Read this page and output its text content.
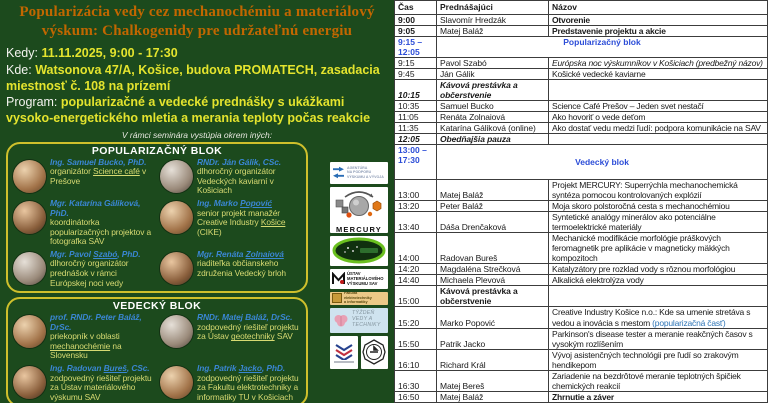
Popularizácia vedy cez mechanochémiu a materiálový výskum: Chalkogenidy pre udržateľnú energiu
Kedy: 11.11.2025, 9:00 - 17:30
Kde: Watsonova 47/A, Košice, budova PROMATECH, zasadacia miestnosť č. 108 na prízemí
Program: popularizačné a vedecké prednášky s ukážkami vysoko-energetického mletia a merania teploty počas reakcie
V rámci seminára vystúpia okrem iných:
POPULARIZAČNÝ BLOK
Ing. Samuel Bucko, PhD.
organizátor Science café v Prešove
RNDr. Ján Gálik, CSc.
dlhoročný organizátor Vedeckých kaviarní v Košiciach
Mgr. Katarína Gáliková, PhD.
koordinátorka popularizačných projektov a fotografka SAV
Ing. Marko Popović
senior projekt manažér Creative Industry Košice (CIKE)
Mgr. Pavol Szabó, PhD.
dlhoročný organizátor prednášok v rámci Európskej noci vedy
Mgr. Renáta Zolnaiová
riaditeľka občianskeho združenia Vedecký brloh
VEDECKÝ BLOK
prof. RNDr. Peter Baláž, DrSc.
priekopník v oblasti mechanochémie na Slovensku
RNDr. Matej Baláž, DrSc.
zodpovedný riešiteľ projektu za Ústav geotechniky SAV
Ing. Radovan Bureš, CSc.
zodpovedný riešiteľ projektu za Ústav materiálového výskumu SAV
Ing. Patrik Jacko, PhD.
zodpovedný riešiteľ projektu za Fakultu elektrotechniky a informatiky TU v Košiciach
AGENTÚRA
NA PODPORU
VÝSKUMU A VÝVOJA
MERCURY
ÚSTAV
MATERIÁLOVÉHO
VÝSKUMU SAV
Fakulta elektrotechniky
a informatiky
TÝŽDEŇ
VEDY A
TECHNIKY
Čas	Prednášajúci	Názov
9:00	Slavomír Hredzák	Otvorenie
9:05	Matej Baláž	Predstavenie projektu a akcie
9:15 – 12:05	Popularizačný blok	
9:15	Pavol Szabó	Európska noc výskumníkov v Košiciach (predbežný názov)
9:45	Ján Gálik	Košické vedecké kaviarne
10:15	Kávová prestávka a občerstvenie	
10:35	Samuel Bucko	Science Café Prešov – Jeden svet nestačí
11:05	Renáta Zolnaiová	Ako hovoriť o vede deťom
11:35	Katarína Gáliková (online)	Ako dostať vedu medzi ľudí: podpora komunikácie na SAV
12:05	Obedňajšia pauza	
13:00 – 17:30	Vedecký blok	
13:00	Matej Baláž	Projekt MERCURY: Superrýchla mechanochemická syntéza pomocou kontrolovaných explózií
13:20	Peter Baláž	Moja skoro polstoročná cesta s mechanochémiou
13:40	Dáša Drenčaková	Syntetické analógy minerálov ako potenciálne termoelektrické materiály
14:00	Radovan Bureš	Mechanické modifikácie morfológie práškových feromagnetik pre aplikácie v magneticky mäkkých kompozitoch
14:20	Magdaléna Strečková	Katalyzátory pre rozklad vody s rôznou morfológiou
14:40	Michaela Plevová	Alkalická elektrolýza vody
15:00	Kávová prestávka a občerstvenie	
15:20	Marko Popović	Creative Industry Košice n.o.: Kde sa umenie stretáva s vedou a inovácia s mestom (popularizačná časť)
15:50	Patrik Jacko	Parkinson's disease tester a meranie reakčných časov s vysokým rozlíšením
16:10	Richard Král	Vývoj asistenčných technológii pre ľudí so zrakovým hendikepom
16:30	Matej Bereš	Zariadenie na bezdrôtové meranie teplotných špičiek chemických reakcií
16:50	Matej Baláž	Zhrnutie a záver
